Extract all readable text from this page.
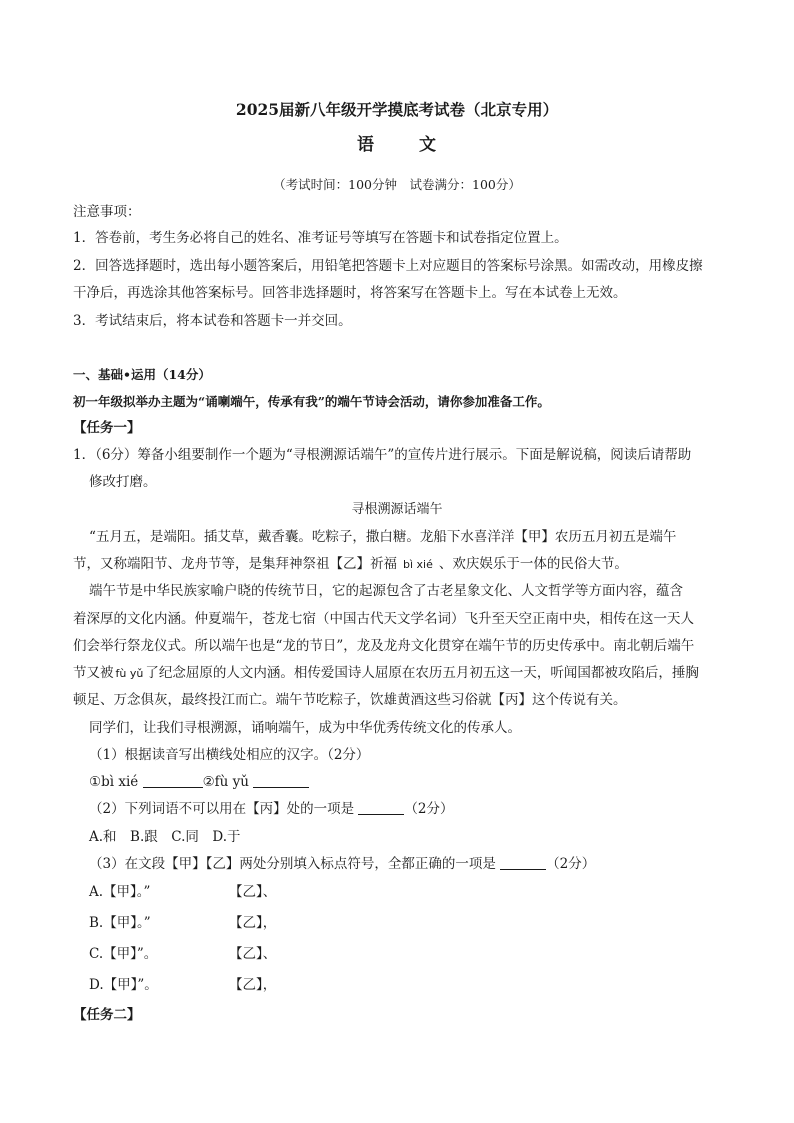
2025届新八年级开学摸底考试卷（北京专用）
语	文
（考试时间：100分钟　试卷满分：100分）
注意事项：
1．答卷前，考生务必将自己的姓名、准考证号等填写在答题卡和试卷指定位置上。
2．回答选择题时，选出每小题答案后，用铅笔把答题卡上对应题目的答案标号涂黑。如需改动，用橡皮擦
干净后，再选涂其他答案标号。回答非选择题时，将答案写在答题卡上。写在本试卷上无效。
3．考试结束后，将本试卷和答题卡一并交回。
一、基础•运用（14分）
初一年级拟举办主题为“诵喇端午，传承有我”的端午节诗会活动，请你参加准备工作。
【任务一】
1．（6分）筹备小组要制作一个题为“寻根溯源话端午”的宣传片进行展示。下面是解说稿，阅读后请帮助
修改打磨。
寻根溯源话端午
“五月五，是端阳。插艾草，戴香囊。吃粽子，撒白糖。龙船下水喜洋洋【甲】农历五月初五是端午
节，又称端阳节、龙舟节等，是集拜神祭祖【乙】祈福 bì xié 、欢庆娱乐于一体的民俗大节。
端午节是中华民族家喻户晓的传统节日，它的起源包含了古老星象文化、人文哲学等方面内容，蕴含
着深厚的文化内涵。仲夏端午，苍龙七宿（中国古代天文学名词）飞升至天空正南中央，相传在这一天人
们会举行祭龙仪式。所以端午也是“龙的节日”，龙及龙舟文化贯穿在端午节的历史传承中。南北朝后端午
节又被 fù yǔ 了纪念屈原的人文内涵。相传爱国诗人屈原在农历五月初五这一天，听闻国都被攻陷后，捶胸
顿足、万念俱灰，最终投江而亡。端午节吃粽子，饮雄黄酒这些习俗就【丙】这个传说有关。
同学们，让我们寻根溯源，诵响端午，成为中华优秀传统文化的传承人。
（1）根据读音写出横线处相应的汉字。（2分）
①bì xié	②fù yǔ
（2）下列词语不可以用在【丙】处的一项是	（2分）
A.和　B.跟　C.同　D.于
（3）在文段【甲】【乙】两处分别填入标点符号，全都正确的一项是	（2分）
A.【甲】。”	【乙】、
B.【甲】。”	【乙】，
C.【甲】”。	【乙】、
D.【甲】”。	【乙】，
【任务二】
